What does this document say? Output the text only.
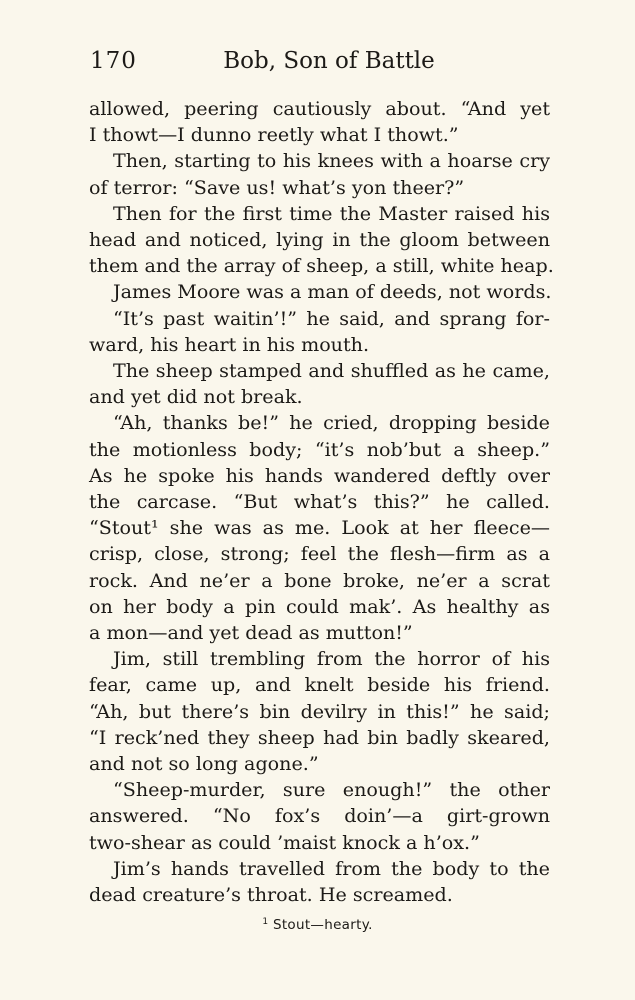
170	Bob, Son of Battle
allowed, peering cautiously about. “And yet
I thowt—I dunno reetly what I thowt.”
Then, starting to his knees with a hoarse cry
of terror: “Save us! what’s yon theer?”
Then for the first time the Master raised his
head and noticed, lying in the gloom between
them and the array of sheep, a still, white heap.
James Moore was a man of deeds, not words.
“It’s past waitin’!” he said, and sprang for-
ward, his heart in his mouth.
The sheep stamped and shuffled as he came,
and yet did not break.
“Ah, thanks be!” he cried, dropping beside
the motionless body; “it’s nob’but a sheep.”
As he spoke his hands wandered deftly over
the carcase. “But what’s this?” he called.
“Stout¹ she was as me. Look at her fleece—
crisp, close, strong; feel the flesh—firm as a
rock. And ne’er a bone broke, ne’er a scrat
on her body a pin could mak’. As healthy as
a mon—and yet dead as mutton!”
Jim, still trembling from the horror of his
fear, came up, and knelt beside his friend.
“Ah, but there’s bin devilry in this!” he said;
“I reck’ned they sheep had bin badly skeared,
and not so long agone.”
“Sheep-murder, sure enough!” the other
answered. “No fox’s doin’—a girt-grown
two-shear as could ’maist knock a h’ox.”
Jim’s hands travelled from the body to the
dead creature’s throat. He screamed.
$^1$ Stout—hearty.
